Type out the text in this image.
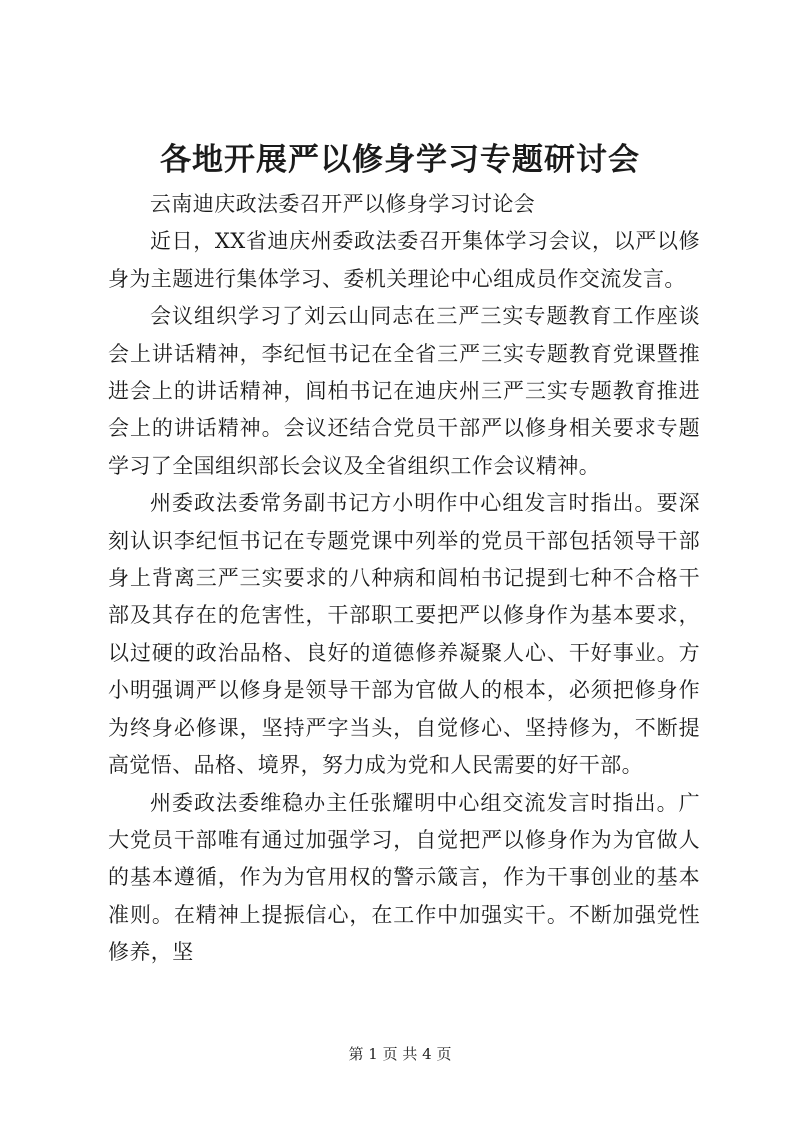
各地开展严以修身学习专题研讨会

云南迪庆政法委召开严以修身学习讨论会

近日，XX省迪庆州委政法委召开集体学习会议，以严以修身为主题进行集体学习、委机关理论中心组成员作交流发言。

会议组织学习了刘云山同志在三严三实专题教育工作座谈会上讲话精神，李纪恒书记在全省三严三实专题教育党课暨推进会上的讲话精神，闾柏书记在迪庆州三严三实专题教育推进会上的讲话精神。会议还结合党员干部严以修身相关要求专题学习了全国组织部长会议及全省组织工作会议精神。

州委政法委常务副书记方小明作中心组发言时指出。要深刻认识李纪恒书记在专题党课中列举的党员干部包括领导干部身上背离三严三实要求的八种病和闾柏书记提到七种不合格干部及其存在的危害性，干部职工要把严以修身作为基本要求，以过硬的政治品格、良好的道德修养凝聚人心、干好事业。方小明强调严以修身是领导干部为官做人的根本，必须把修身作为终身必修课，坚持严字当头，自觉修心、坚持修为，不断提高觉悟、品格、境界，努力成为党和人民需要的好干部。

州委政法委维稳办主任张耀明中心组交流发言时指出。广大党员干部唯有通过加强学习，自觉把严以修身作为为官做人的基本遵循，作为为官用权的警示箴言，作为干事创业的基本准则。在精神上提振信心，在工作中加强实干。不断加强党性修养，坚

第 1 页 共 4 页
